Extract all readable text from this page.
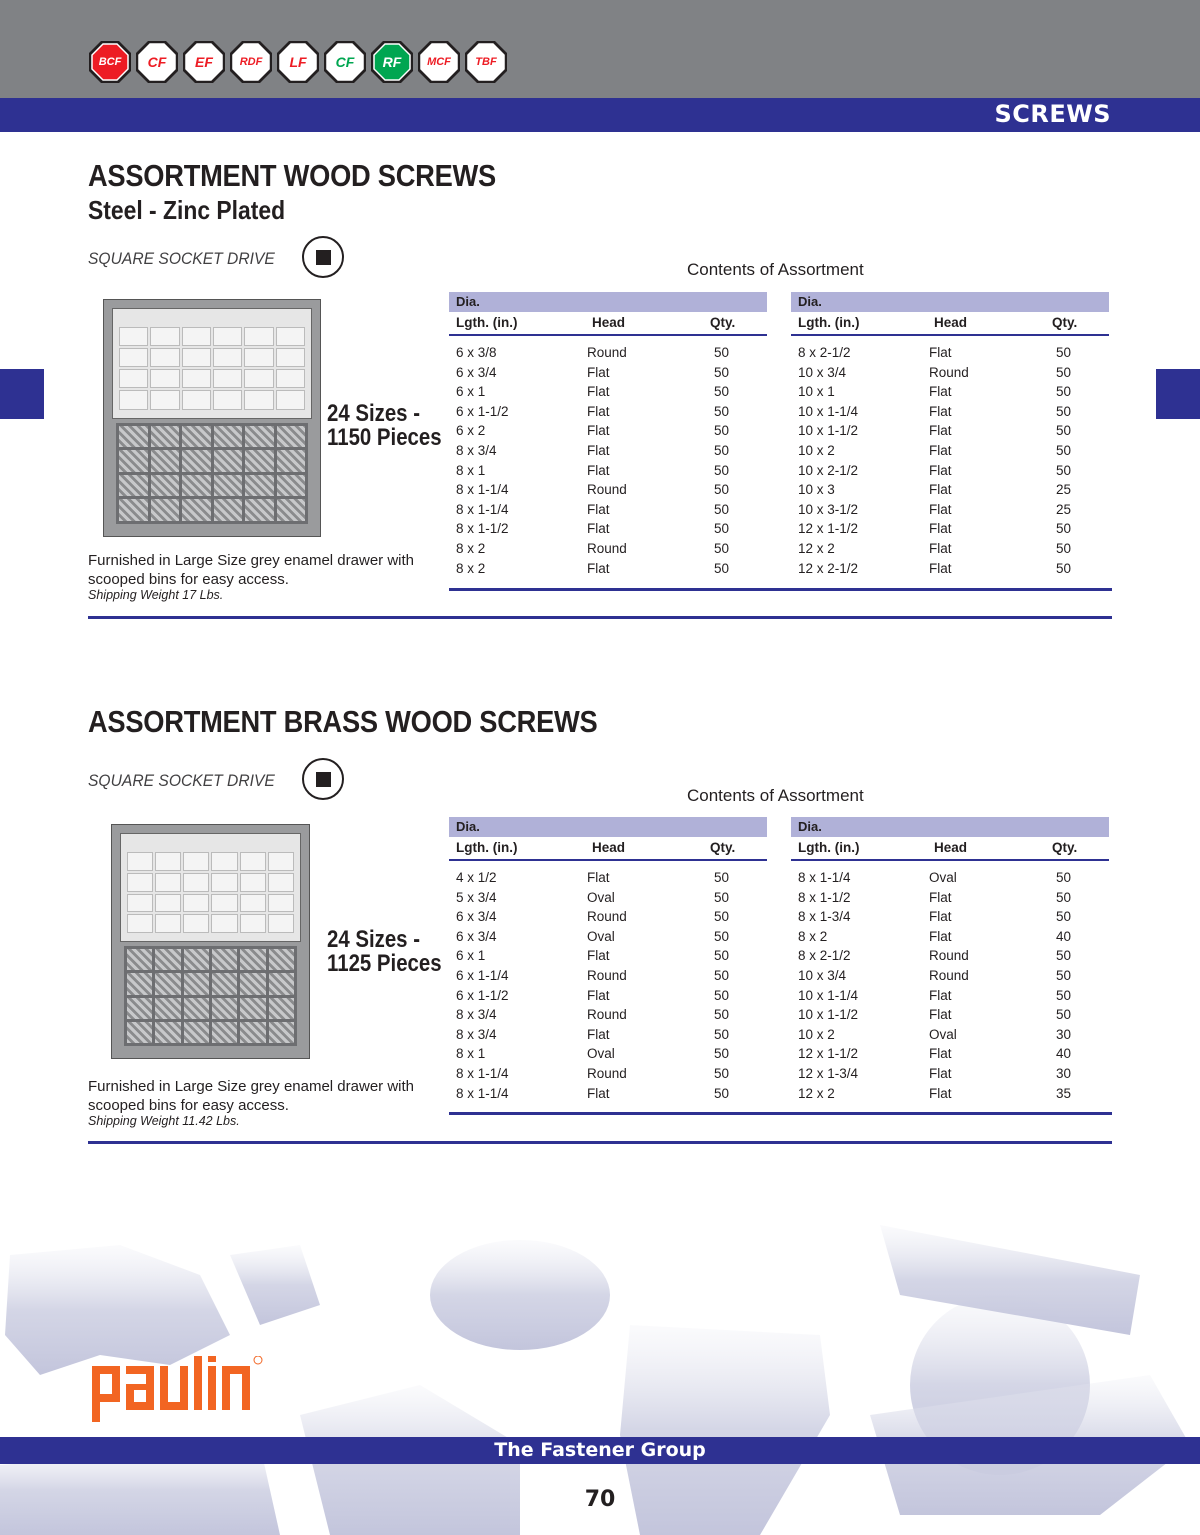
BCF	CF	EF	RDF	LF	CF	RF	MCF	TBF
SCREWS
ASSORTMENT WOOD SCREWS
Steel - Zinc Plated
SQUARE SOCKET DRIVE
24 Sizes -
1150 Pieces
Furnished in Large Size grey enamel drawer with
scooped bins for easy access.
Shipping Weight 17 Lbs.
Contents of Assortment
Dia.
Lgth. (in.)	Head	Qty.
6 x 3/8	Round	50
6 x 3/4	Flat	50
6 x 1	Flat	50
6 x 1-1/2	Flat	50
6 x 2	Flat	50
8 x 3/4	Flat	50
8 x 1	Flat	50
8 x 1-1/4	Round	50
8 x 1-1/4	Flat	50
8 x 1-1/2	Flat	50
8 x 2	Round	50
8 x 2	Flat	50
Dia.
Lgth. (in.)	Head	Qty.
8 x 2-1/2	Flat	50
10 x 3/4	Round	50
10 x 1	Flat	50
10 x 1-1/4	Flat	50
10 x 1-1/2	Flat	50
10 x 2	Flat	50
10 x 2-1/2	Flat	50
10 x 3	Flat	25
10 x 3-1/2	Flat	25
12 x 1-1/2	Flat	50
12 x 2	Flat	50
12 x 2-1/2	Flat	50
ASSORTMENT BRASS WOOD SCREWS
SQUARE SOCKET DRIVE
24 Sizes -
1125 Pieces
Furnished in Large Size grey enamel drawer with
scooped bins for easy access.
Shipping Weight 11.42 Lbs.
Contents of Assortment
Dia.
Lgth. (in.)	Head	Qty.
4 x 1/2	Flat	50
5 x 3/4	Oval	50
6 x 3/4	Round	50
6 x 3/4	Oval	50
6 x 1	Flat	50
6 x 1-1/4	Round	50
6 x 1-1/2	Flat	50
8 x 3/4	Round	50
8 x 3/4	Flat	50
8 x 1	Oval	50
8 x 1-1/4	Round	50
8 x 1-1/4	Flat	50
Dia.
Lgth. (in.)	Head	Qty.
8 x 1-1/4	Oval	50
8 x 1-1/2	Flat	50
8 x 1-3/4	Flat	50
8 x 2	Flat	40
8 x 2-1/2	Round	50
10 x 3/4	Round	50
10 x 1-1/4	Flat	50
10 x 1-1/2	Flat	50
10 x 2	Oval	30
12 x 1-1/2	Flat	40
12 x 1-3/4	Flat	30
12 x 2	Flat	35
The Fastener Group
70
